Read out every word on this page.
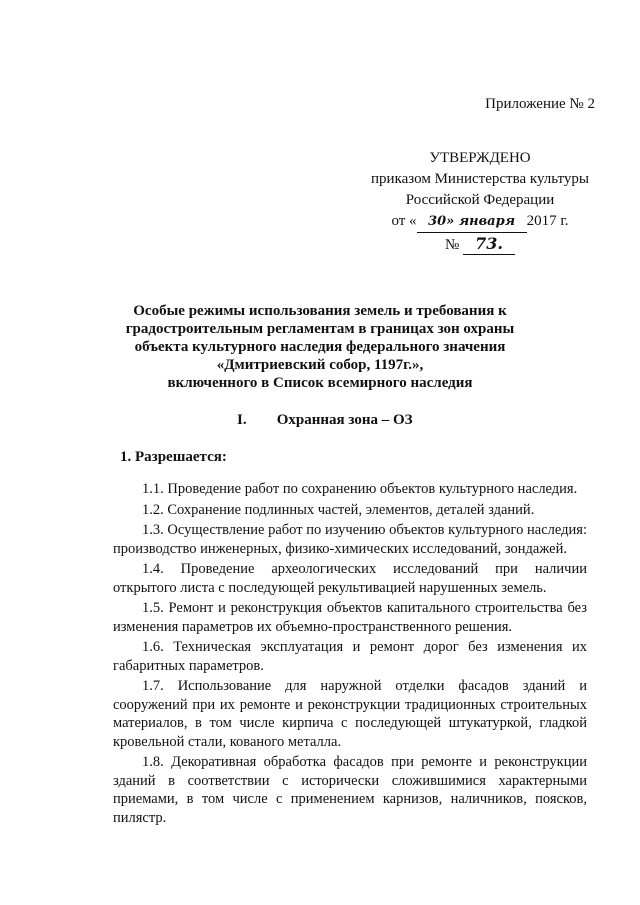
Приложение № 2
УТВЕРЖДЕНО
приказом Министерства культуры
Российской Федерации
от « 30» января 2017 г.
№ 73.
Особые режимы использования земель и требования к
градостроительным регламентам в границах зон охраны
объекта культурного наследия федерального значения
«Дмитриевский собор, 1197г.»,
включенного в Список всемирного наследия
I. Охранная зона – ОЗ
1. Разрешается:

1.1. Проведение работ по сохранению объектов культурного наследия.

1.2. Сохранение подлинных частей, элементов, деталей зданий.

1.3. Осуществление работ по изучению объектов культурного наследия: производство инженерных, физико-химических исследований, зондажей.

1.4. Проведение археологических исследований при наличии открытого листа с последующей рекультивацией нарушенных земель.

1.5. Ремонт и реконструкция объектов капитального строительства без изменения параметров их объемно-пространственного решения.

1.6. Техническая эксплуатация и ремонт дорог без изменения их габаритных параметров.

1.7. Использование для наружной отделки фасадов зданий и сооружений при их ремонте и реконструкции традиционных строительных материалов, в том числе кирпича с последующей штукатуркой, гладкой кровельной стали, кованого металла.

1.8. Декоративная обработка фасадов при ремонте и реконструкции зданий в соответствии с исторически сложившимися характерными приемами, в том числе с применением карнизов, наличников, поясков, пилястр.
